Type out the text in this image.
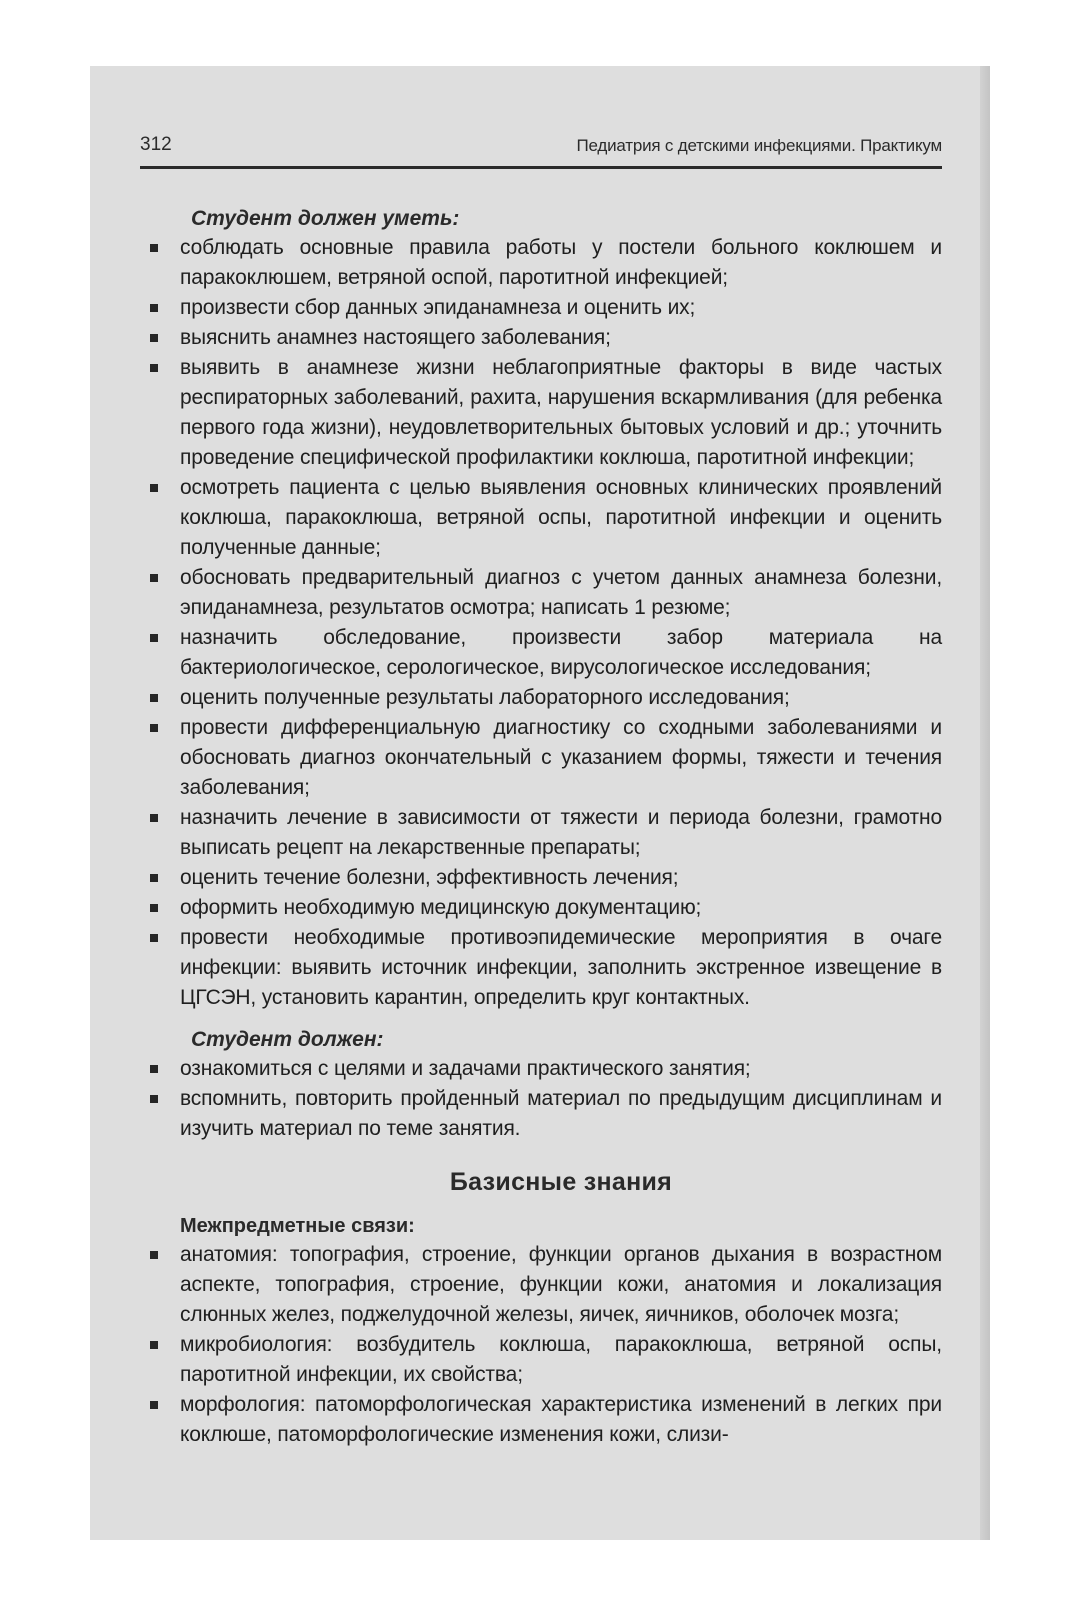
312	Педиатрия с детскими инфекциями. Практикум
Студент должен уметь:
соблюдать основные правила работы у постели больного коклюшем и паракоклюшем, ветряной оспой, паротитной инфекцией;
произвести сбор данных эпиданамнеза и оценить их;
выяснить анамнез настоящего заболевания;
выявить в анамнезе жизни неблагоприятные факторы в виде частых респираторных заболеваний, рахита, нарушения вскармливания (для ребенка первого года жизни), неудовлетворительных бытовых условий и др.; уточнить проведение специфической профилактики коклюша, паротитной инфекции;
осмотреть пациента с целью выявления основных клинических проявлений коклюша, паракоклюша, ветряной оспы, паротитной инфекции и оценить полученные данные;
обосновать предварительный диагноз с учетом данных анамнеза болезни, эпиданамнеза, результатов осмотра; написать 1 резюме;
назначить обследование, произвести забор материала на бактериологическое, серологическое, вирусологическое исследования;
оценить полученные результаты лабораторного исследования;
провести дифференциальную диагностику со сходными заболеваниями и обосновать диагноз окончательный с указанием формы, тяжести и течения заболевания;
назначить лечение в зависимости от тяжести и периода болезни, грамотно выписать рецепт на лекарственные препараты;
оценить течение болезни, эффективность лечения;
оформить необходимую медицинскую документацию;
провести необходимые противоэпидемические мероприятия в очаге инфекции: выявить источник инфекции, заполнить экстренное извещение в ЦГСЭН, установить карантин, определить круг контактных.
Студент должен:
ознакомиться с целями и задачами практического занятия;
вспомнить, повторить пройденный материал по предыдущим дисциплинам и изучить материал по теме занятия.
Базисные знания
Межпредметные связи:
анатомия: топография, строение, функции органов дыхания в возрастном аспекте, топография, строение, функции кожи, анатомия и локализация слюнных желез, поджелудочной железы, яичек, яичников, оболочек мозга;
микробиология: возбудитель коклюша, паракоклюша, ветряной оспы, паротитной инфекции, их свойства;
морфология: патоморфологическая характеристика изменений в легких при коклюше, патоморфологические изменения кожи, слизи-
